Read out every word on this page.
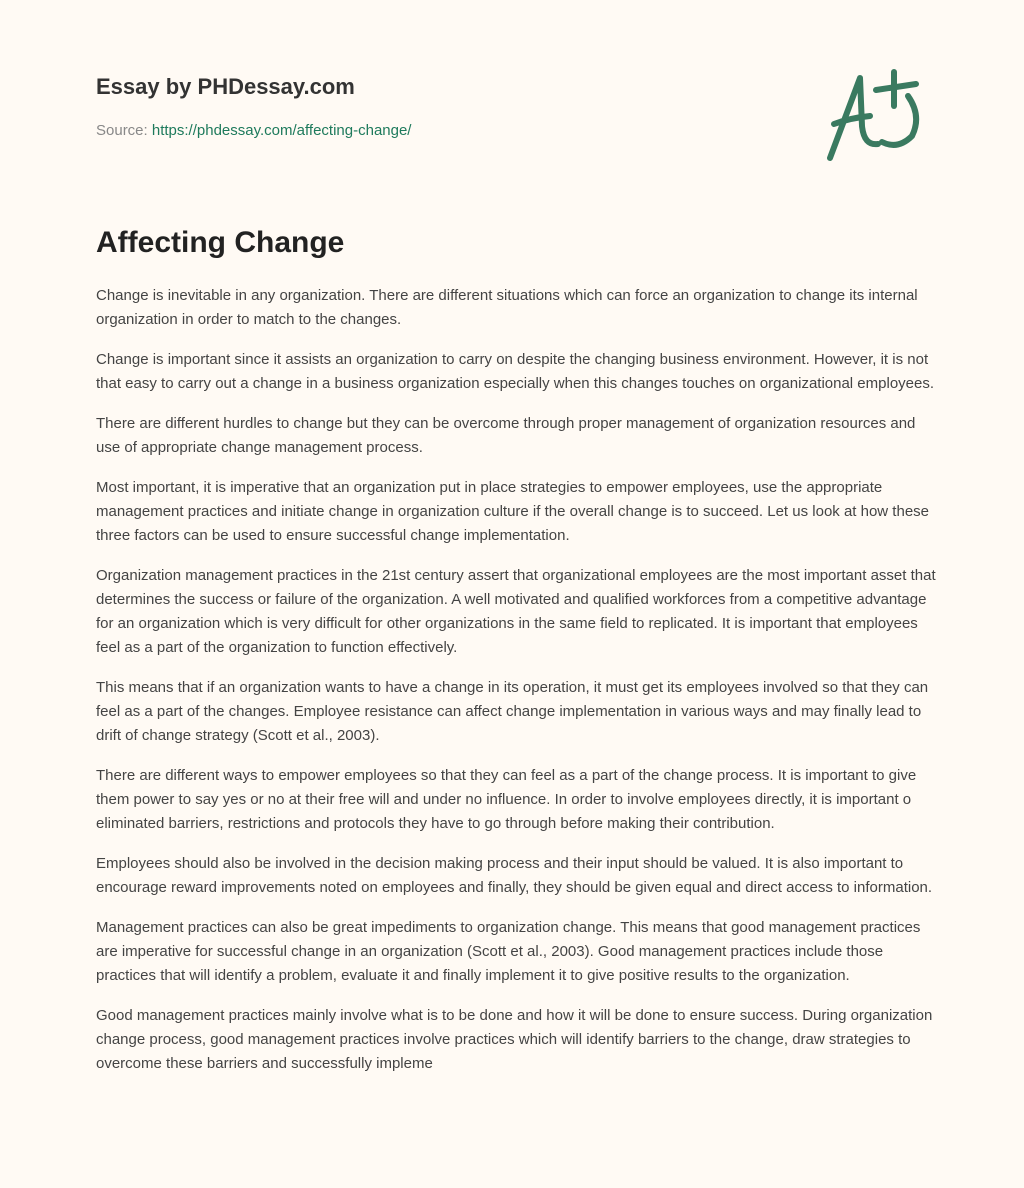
Essay by PHDessay.com
Source: https://phdessay.com/affecting-change/
Affecting Change

Change is inevitable in any organization. There are different situations which can force an organization to change its internal organization in order to match to the changes.

Change is important since it assists an organization to carry on despite the changing business environment. However, it is not that easy to carry out a change in a business organization especially when this changes touches on organizational employees.

There are different hurdles to change but they can be overcome through proper management of organization resources and use of appropriate change management process.

Most important, it is imperative that an organization put in place strategies to empower employees, use the appropriate management practices and initiate change in organization culture if the overall change is to succeed. Let us look at how these three factors can be used to ensure successful change implementation.

Organization management practices in the 21st century assert that organizational employees are the most important asset that determines the success or failure of the organization. A well motivated and qualified workforces from a competitive advantage for an organization which is very difficult for other organizations in the same field to replicated. It is important that employees feel as a part of the organization to function effectively.

This means that if an organization wants to have a change in its operation, it must get its employees involved so that they can feel as a part of the changes. Employee resistance can affect change implementation in various ways and may finally lead to drift of change strategy (Scott et al., 2003).

There are different ways to empower employees so that they can feel as a part of the change process. It is important to give them power to say yes or no at their free will and under no influence. In order to involve employees directly, it is important o eliminated barriers, restrictions and protocols they have to go through before making their contribution.

Employees should also be involved in the decision making process and their input should be valued. It is also important to encourage reward improvements noted on employees and finally, they should be given equal and direct access to information.

Management practices can also be great impediments to organization change. This means that good management practices are imperative for successful change in an organization (Scott et al., 2003). Good management practices include those practices that will identify a problem, evaluate it and finally implement it to give positive results to the organization.

Good management practices mainly involve what is to be done and how it will be done to ensure success. During organization change process, good management practices involve practices which will identify barriers to the change, draw strategies to overcome these barriers and successfully impleme
